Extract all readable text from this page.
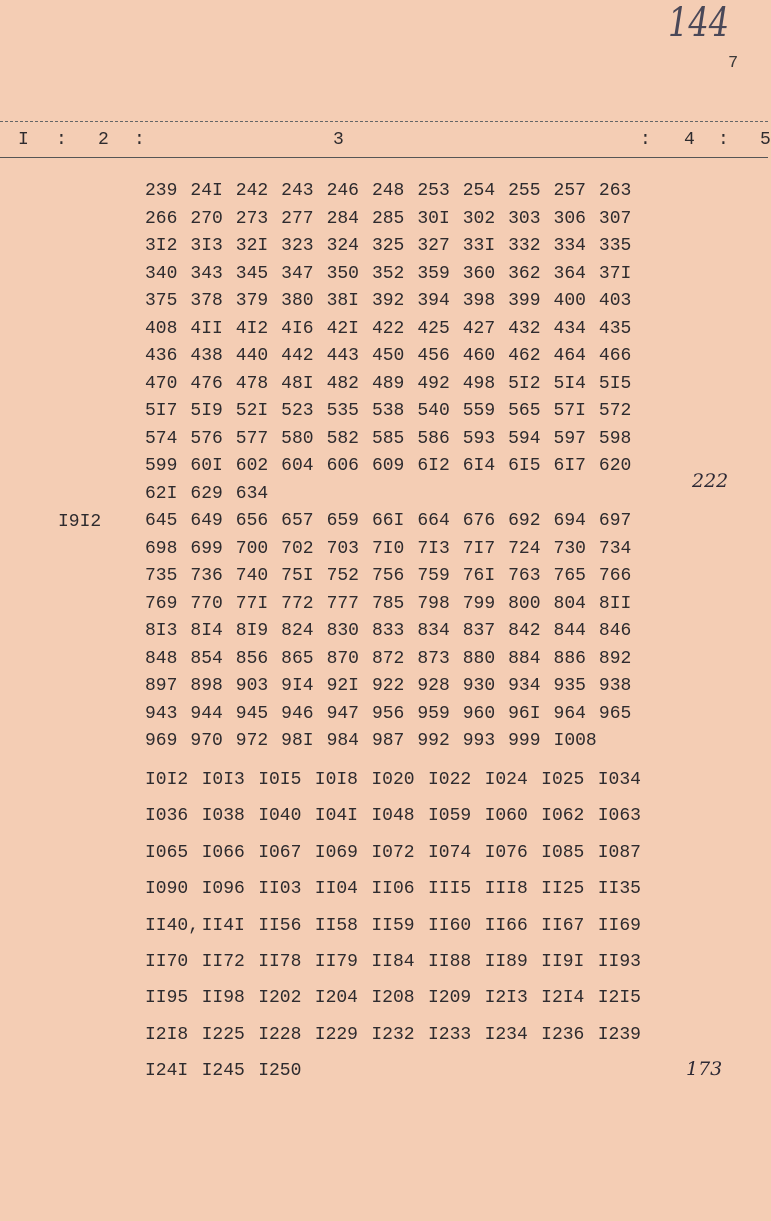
144
7
I : 2 :	3	: 4 : 5
I9I2
239 24I 242 243 246 248 253 254 255 257 263
266 270 273 277 284 285 30I 302 303 306 307
3I2 3I3 32I 323 324 325 327 33I 332 334 335
340 343 345 347 350 352 359 360 362 364 37I
375 378 379 380 38I 392 394 398 399 400 403
408 4II 4I2 4I6 42I 422 425 427 432 434 435
436 438 440 442 443 450 456 460 462 464 466
470 476 478 48I 482 489 492 498 5I2 5I4 5I5
5I7 5I9 52I 523 535 538 540 559 565 57I 572
574 576 577 580 582 585 586 593 594 597 598
599 60I 602 604 606 609 6I2 6I4 6I5 6I7 620
62I 629 634
645 649 656 657 659 66I 664 676 692 694 697
698 699 700 702 703 7I0 7I3 7I7 724 730 734
735 736 740 75I 752 756 759 76I 763 765 766
769 770 77I 772 777 785 798 799 800 804 8II
8I3 8I4 8I9 824 830 833 834 837 842 844 846
848 854 856 865 870 872 873 880 884 886 892
897 898 903 9I4 92I 922 928 930 934 935 938
943 944 945 946 947 956 959 960 96I 964 965
969 970 972 98I 984 987 992 993 999 I008
I0I2 I0I3 I0I5 I0I8 I020 I022 I024 I025 I034
I036 I038 I040 I04I I048 I059 I060 I062 I063
I065 I066 I067 I069 I072 I074 I076 I085 I087
I090 I096 II03 II04 II06 III5 III8 II25 II35
II40, II4I II56 II58 II59 II60 II66 II67 II69
II70 II72 II78 II79 II84 II88 II89 II9I II93
II95 II98 I202 I204 I208 I209 I2I3 I2I4 I2I5
I2I8 I225 I228 I229 I232 I233 I234 I236 I239
I24I I245 I250
222
173
